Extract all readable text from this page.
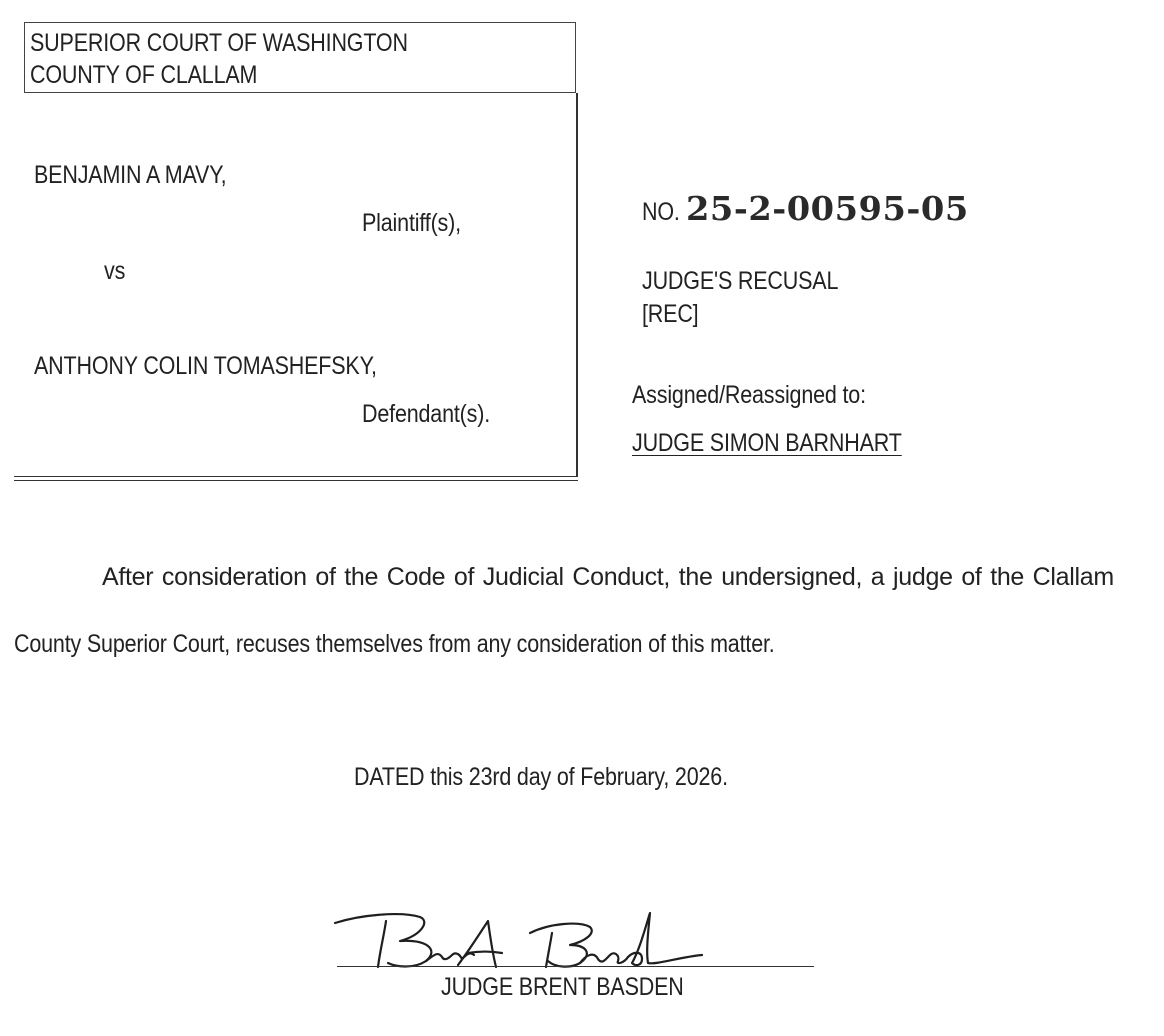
SUPERIOR COURT OF WASHINGTON
COUNTY OF CLALLAM
BENJAMIN A MAVY,
Plaintiff(s),
vs
ANTHONY COLIN TOMASHEFSKY,
Defendant(s).
NO. 25-2-00595-05
JUDGE'S RECUSAL
[REC]
Assigned/Reassigned to:
JUDGE SIMON BARNHART
After consideration of the Code of Judicial Conduct, the undersigned, a judge of the Clallam
County Superior Court, recuses themselves from any consideration of this matter.
DATED this 23rd day of February, 2026.
JUDGE BRENT BASDEN
